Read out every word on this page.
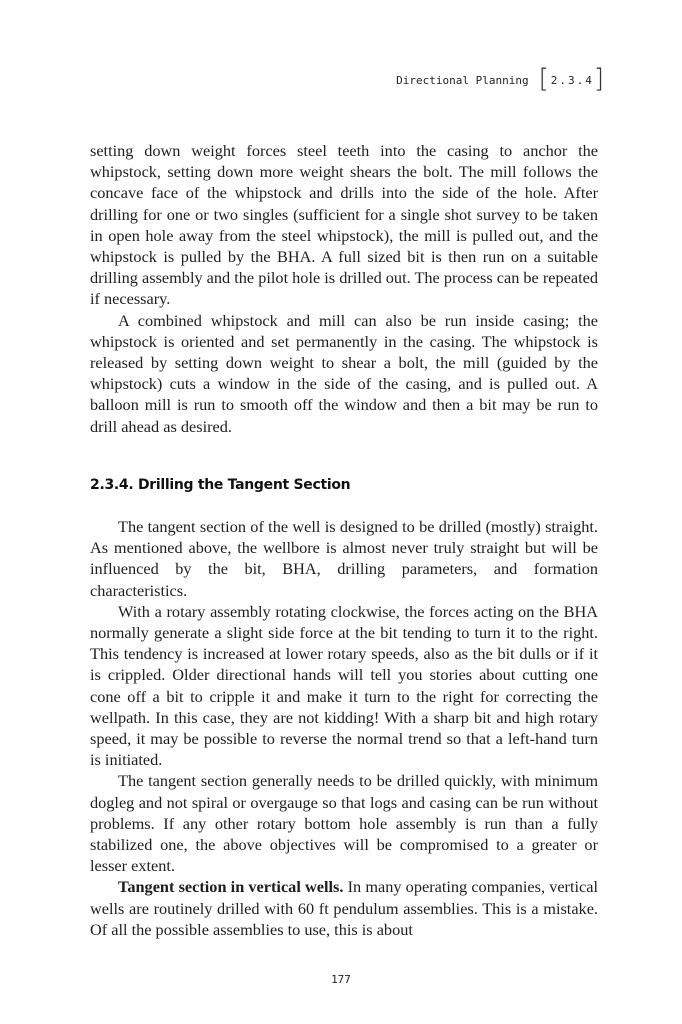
Directional Planning [ 2.3.4 ]

setting down weight forces steel teeth into the casing to anchor the whipstock, setting down more weight shears the bolt. The mill follows the concave face of the whipstock and drills into the side of the hole. After drilling for one or two singles (sufficient for a single shot survey to be taken in open hole away from the steel whipstock), the mill is pulled out, and the whipstock is pulled by the BHA. A full sized bit is then run on a suitable drilling assembly and the pilot hole is drilled out. The process can be repeated if necessary.

A combined whipstock and mill can also be run inside casing; the whipstock is oriented and set permanently in the casing. The whipstock is released by setting down weight to shear a bolt, the mill (guided by the whipstock) cuts a window in the side of the casing, and is pulled out. A balloon mill is run to smooth off the window and then a bit may be run to drill ahead as desired.

2.3.4. Drilling the Tangent Section

The tangent section of the well is designed to be drilled (mostly) straight. As mentioned above, the wellbore is almost never truly straight but will be influenced by the bit, BHA, drilling parameters, and formation characteristics.

With a rotary assembly rotating clockwise, the forces acting on the BHA normally generate a slight side force at the bit tending to turn it to the right. This tendency is increased at lower rotary speeds, also as the bit dulls or if it is crippled. Older directional hands will tell you stories about cutting one cone off a bit to cripple it and make it turn to the right for correcting the wellpath. In this case, they are not kidding! With a sharp bit and high rotary speed, it may be possible to reverse the normal trend so that a left-hand turn is initiated.

The tangent section generally needs to be drilled quickly, with minimum dogleg and not spiral or overgauge so that logs and casing can be run without problems. If any other rotary bottom hole assembly is run than a fully stabilized one, the above objectives will be compromised to a greater or lesser extent.

Tangent section in vertical wells. In many operating companies, vertical wells are routinely drilled with 60 ft pendulum assemblies. This is a mistake. Of all the possible assemblies to use, this is about

177
